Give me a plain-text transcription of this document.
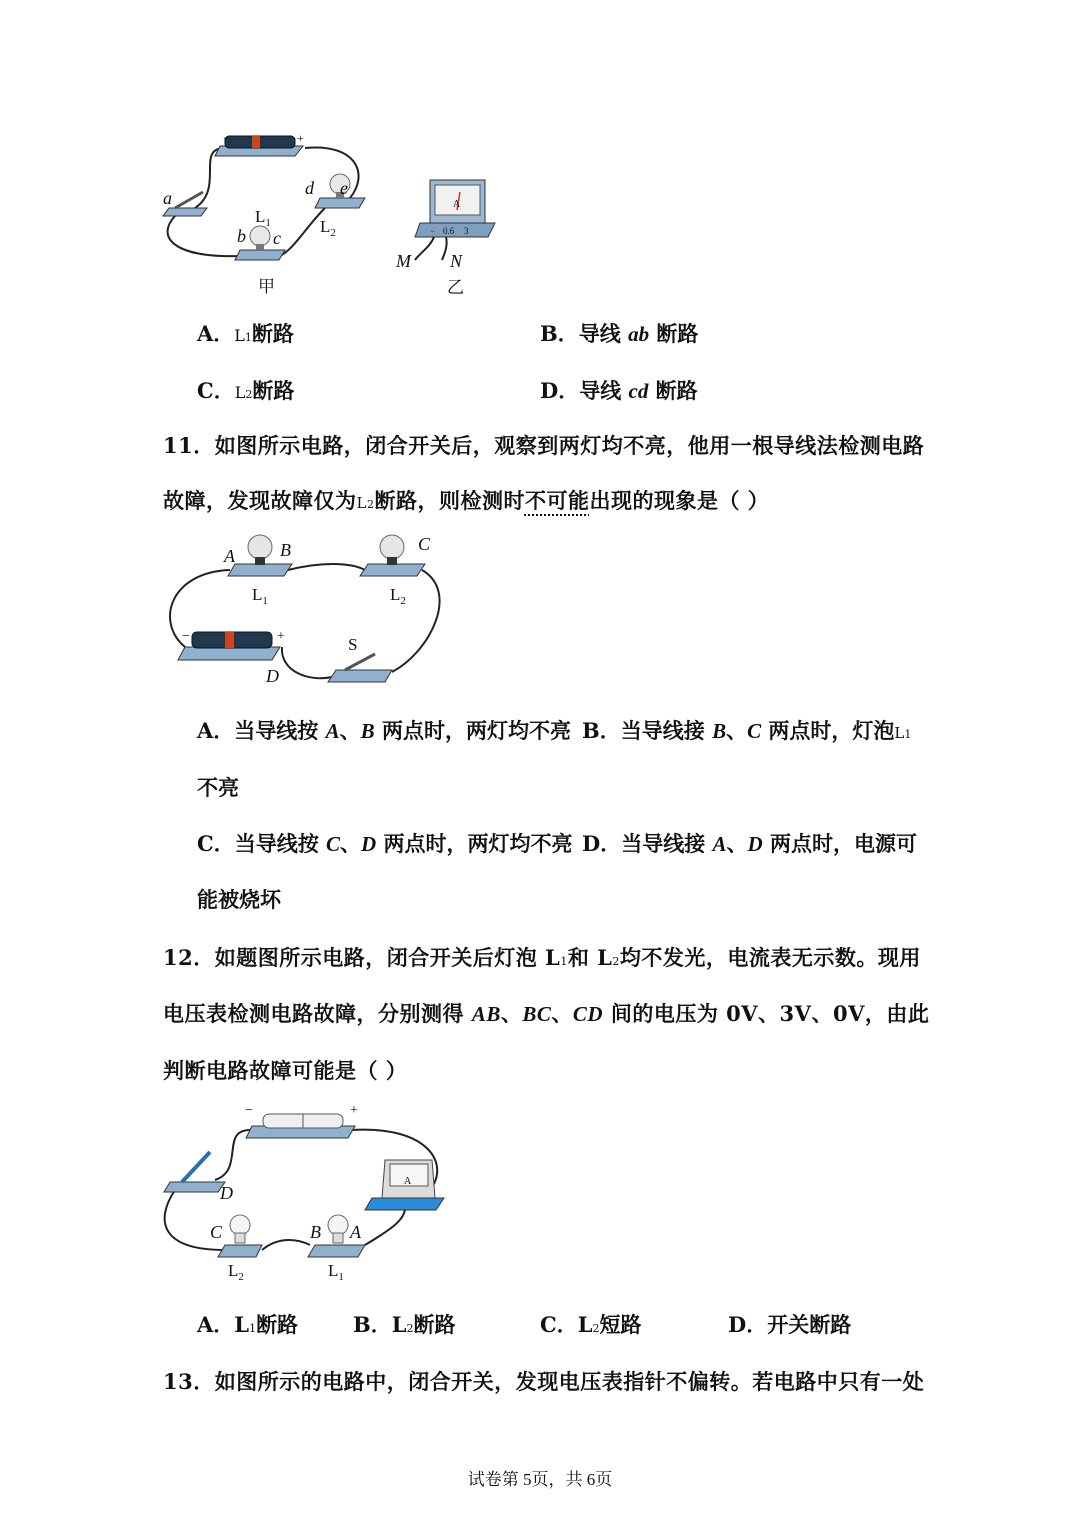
−	+
a
$L_1$
b c
$L_2$
d e
甲
A
− 0.6 3
M N
乙
A．L1断路	B．导线 ab 断路
C．L2断路	D．导线 cd 断路
11．如图所示电路，闭合开关后，观察到两灯均不亮，他用一根导线法检测电路
故障，发现故障仅为L2断路，则检测时不可能出现的现象是（ ）
A	B
$L_1$
C
$L_2$
−	+
D
S
A．当导线按 A、B 两点时，两灯均不亮 B．当导线接 B、C 两点时，灯泡L1
不亮
C．当导线按 C、D 两点时，两灯均不亮 D．当导线接 A、D 两点时，电源可
能被烧坏
12．如题图所示电路，闭合开关后灯泡 L1和 L2均不发光，电流表无示数。现用
电压表检测电路故障，分别测得 AB、BC、CD 间的电压为 0V、3V、0V，由此
判断电路故障可能是（ ）
−	+
D
A
C
$L_2$
B A
$L_1$
A．L1断路	B．L2断路	C．L2短路	D．开关断路
13．如图所示的电路中，闭合开关，发现电压表指针不偏转。若电路中只有一处
试卷第 5页，共 6页
